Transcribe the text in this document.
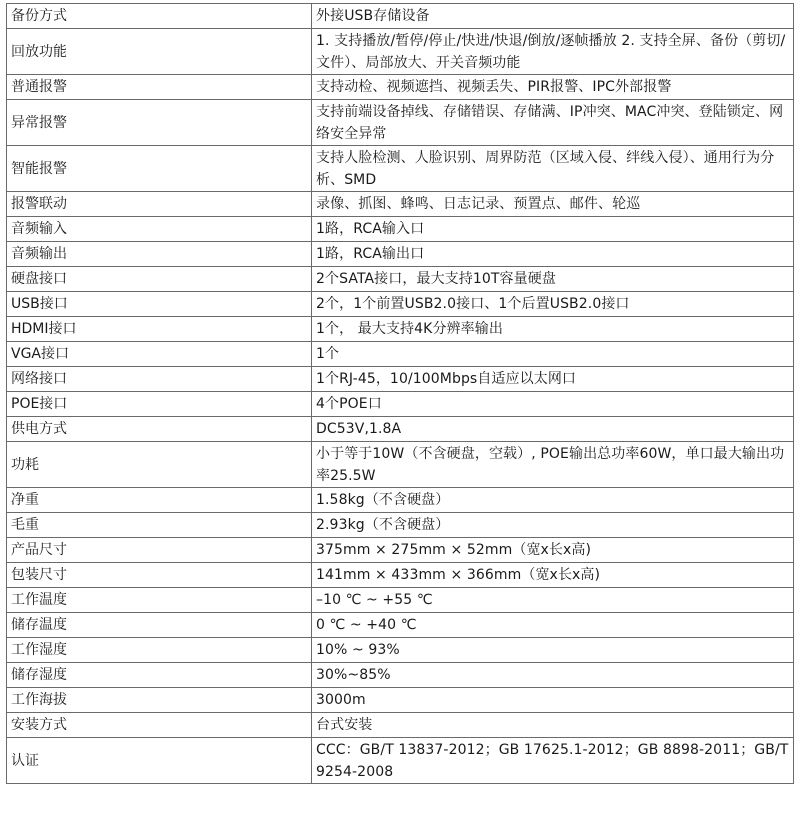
备份方式	外接USB存储设备
回放功能	1. 支持播放/暂停/停止/快进/快退/倒放/逐帧播放 2. 支持全屏、备份（剪切/文件）、局部放大、开关音频功能
普通报警	支持动检、视频遮挡、视频丢失、PIR报警、IPC外部报警
异常报警	支持前端设备掉线、存储错误、存储满、IP冲突、MAC冲突、登陆锁定、网络安全异常
智能报警	支持人脸检测、人脸识别、周界防范（区域入侵、绊线入侵）、通用行为分析、SMD
报警联动	录像、抓图、蜂鸣、日志记录、预置点、邮件、轮巡
音频输入	1路，RCA输入口
音频输出	1路，RCA输出口
硬盘接口	2个SATA接口，最大支持10T容量硬盘
USB接口	2个，1个前置USB2.0接口、1个后置USB2.0接口
HDMI接口	1个， 最大支持4K分辨率输出
VGA接口	1个
网络接口	1个RJ-45，10/100Mbps自适应以太网口
POE接口	4个POE口
供电方式	DC53V,1.8A
功耗	小于等于10W（不含硬盘，空载）, POE输出总功率60W，单口最大输出功率25.5W
净重	1.58kg（不含硬盘）
毛重	2.93kg（不含硬盘）
产品尺寸	375mm × 275mm × 52mm（宽x长x高)
包装尺寸	141mm × 433mm × 366mm（宽x长x高)
工作温度	–10 ℃ ~ +55 ℃
储存温度	0 ℃ ~ +40 ℃
工作湿度	10% ~ 93%
储存湿度	30%~85%
工作海拔	3000m
安装方式	台式安装
认证	CCC：GB/T 13837-2012；GB 17625.1-2012；GB 8898-2011；GB/T9254-2008
